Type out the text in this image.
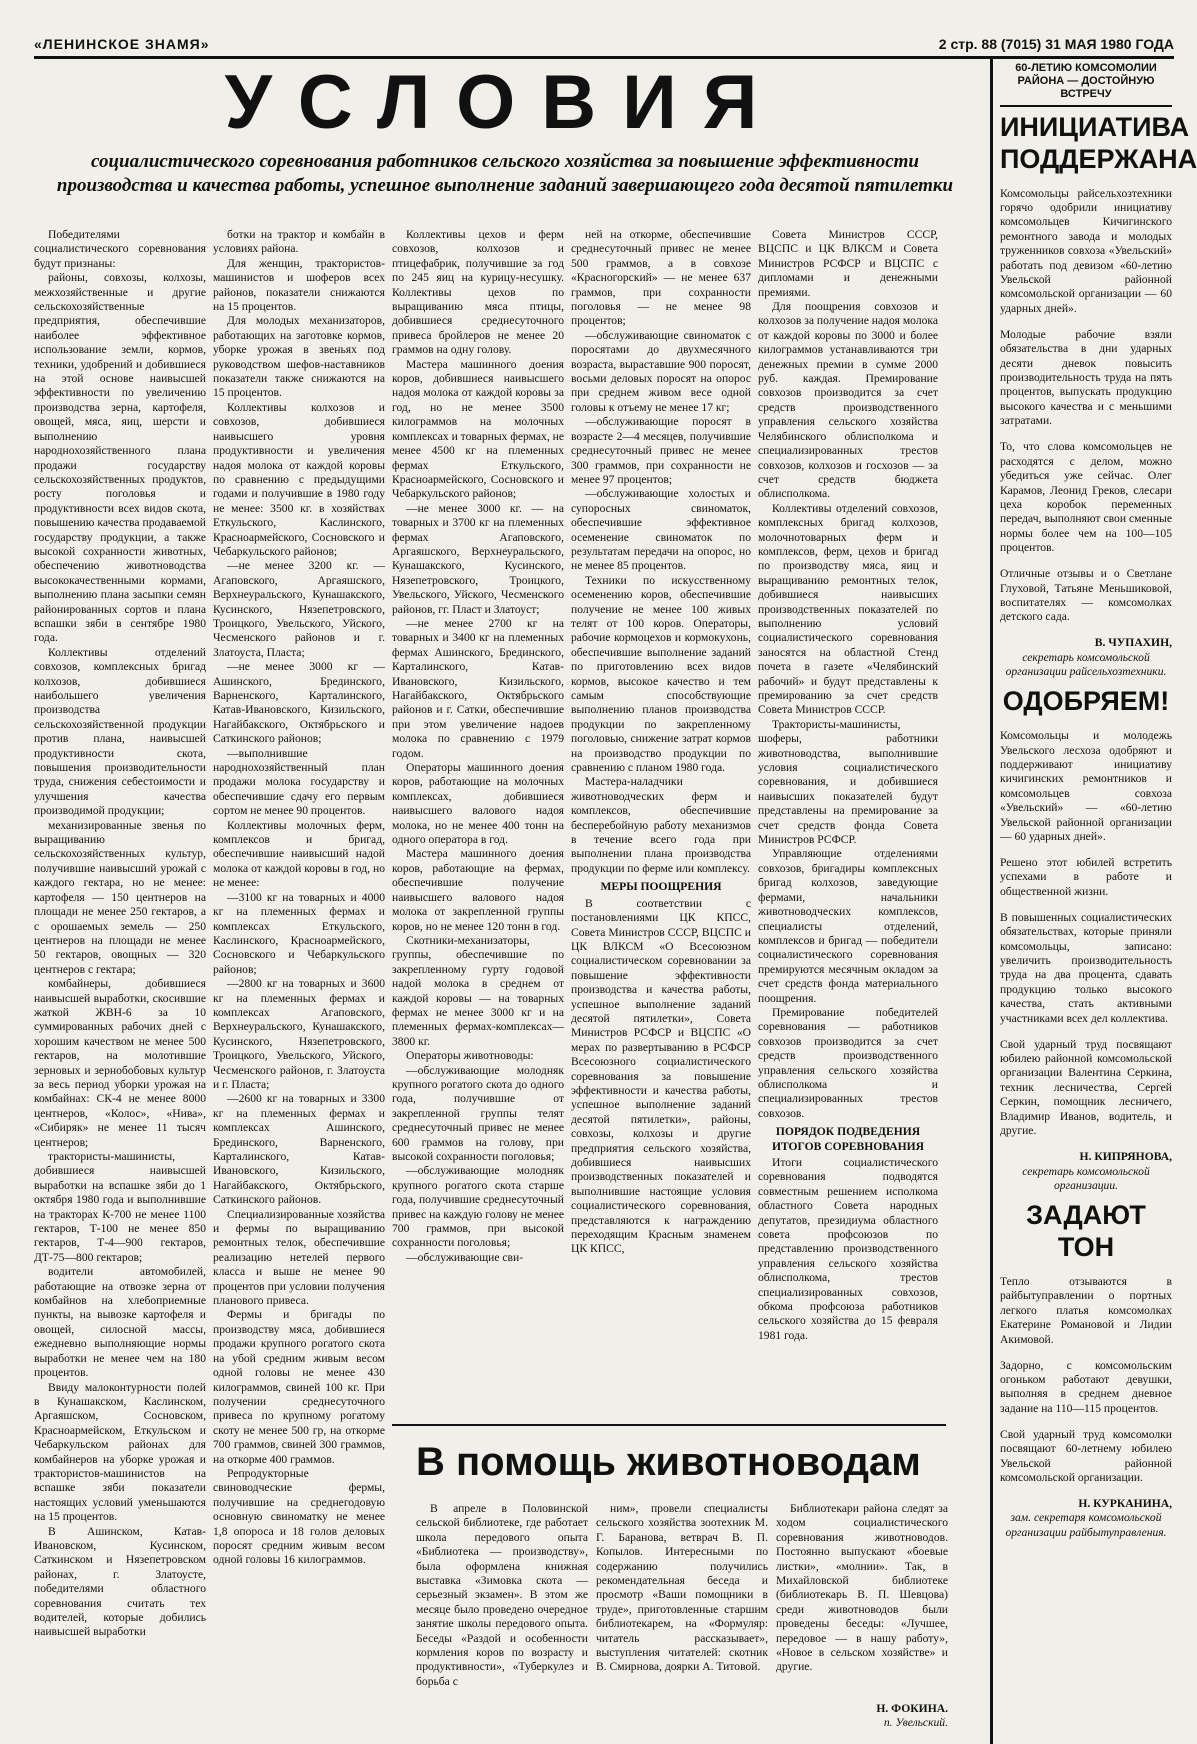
«ЛЕНИНСКОЕ ЗНАМЯ»	2 стр. 88 (7015) 31 МАЯ 1980 ГОДА
УСЛОВИЯ
социалистического соревнования работников сельского хозяйства за повышение эффективности производства и качества работы, успешное выполнение заданий завершающего года десятой пятилетки

Победителями социалистического соревнования будут признаны:

районы, совхозы, колхозы, межхозяйственные и другие сельскохозяйственные предприятия, обеспечившие наиболее эффективное использование земли, кормов, техники, удобрений и добившиеся на этой основе наивысшей эффективности по увеличению производства зерна, картофеля, овощей, мяса, яиц, шерсти и выполнению народнохозяйственного плана продажи государству сельскохозяйственных продуктов, росту поголовья и продуктивности всех видов скота, повышению качества продаваемой государству продукции, а также высокой сохранности животных, обеспечению животноводства высококачественными кормами, выполнению плана засыпки семян районированных сортов и плана вспашки зяби в сентябре 1980 года.

Коллективы отделений совхозов, комплексных бригад колхозов, добившиеся наибольшего увеличения производства сельскохозяйственной продукции против плана, наивысшей продуктивности скота, повышения производительности труда, снижения себестоимости и улучшения качества производимой продукции;

механизированные звенья по выращиванию сельскохозяйственных культур, получившие наивысший урожай с каждого гектара, но не менее: картофеля — 150 центнеров на площади не менее 250 гектаров, а с орошаемых земель — 250 центнеров на площади не менее 50 гектаров, овощных — 320 центнеров с гектара;

комбайнеры, добившиеся наивысшей выработки, скосившие жаткой ЖВН-6 за 10 суммированных рабочих дней с хорошим качеством не менее 500 гектаров, на молотившие зерновых и зернобобовых культур за весь период уборки урожая на комбайнах: СК-4 не менее 8000 центнеров, «Колос», «Нива», «Сибиряк» не менее 11 тысяч центнеров;

трактористы-машинисты, добившиеся наивысшей выработки на вспашке зяби до 1 октября 1980 года и выполнившие на тракторах К-700 не менее 1100 гектаров, Т-100 не менее 850 гектаров, Т-4—900 гектаров, ДТ-75—800 гектаров;

водители автомобилей, работающие на отвозке зерна от комбайнов на хлебоприемные пункты, на вывозке картофеля и овощей, силосной массы, ежедневно выполняющие нормы выработки не менее чем на 180 процентов.

Ввиду малоконтурности полей в Кунашакском, Каслинском, Аргаяшском, Сосновском, Красноармейском, Еткульском и Чебаркульском районах для комбайнеров на уборке урожая и трактористов-машинистов на вспашке зяби показатели настоящих условий уменьшаются на 15 процентов.

В Ашинском, Катав-Ивановском, Кусинском, Саткинском и Нязепетровском районах, г. Златоусте, победителями областного соревнования считать тех водителей, которые добились наивысшей выработки

ботки на трактор и комбайн в условиях района.

Для женщин, трактористов-машинистов и шоферов всех районов, показатели снижаются на 15 процентов.

Для молодых механизаторов, работающих на заготовке кормов, уборке урожая в звеньях под руководством шефов-наставников показатели также снижаются на 15 процентов.

Коллективы колхозов и совхозов, добившиеся наивысшего уровня продуктивности и увеличения надоя молока от каждой коровы по сравнению с предыдущими годами и получившие в 1980 году не менее: 3500 кг. в хозяйствах Еткульского, Каслинского, Красноармейского, Сосновского и Чебаркульского районов;

—не менее 3200 кг. — Агаповского, Аргаяшского, Верхнеуральского, Кунашакского, Кусинского, Нязепетровского, Троицкого, Увельского, Уйского, Чесменского районов и г. Златоуста, Пласта;

—не менее 3000 кг — Ашинского, Брединского, Варненского, Карталинского, Катав-Ивановского, Кизильского, Нагайбакского, Октябрьского и Саткинского районов;

—выполнившие народнохозяйственный план продажи молока государству и обеспечившие сдачу его первым сортом не менее 90 процентов.

Коллективы молочных ферм, комплексов и бригад, обеспечившие наивысший надой молока от каждой коровы в год, но не менее:

—3100 кг на товарных и 4000 кг на племенных фермах и комплексах Еткульского, Каслинского, Красноармейского, Сосновского и Чебаркульского районов;

—2800 кг на товарных и 3600 кг на племенных фермах и комплексах Агаповского, Верхнеуральского, Кунашакского, Кусинского, Нязепетровского, Троицкого, Увельского, Уйского, Чесменского районов, г. Златоуста и г. Пласта;

—2600 кг на товарных и 3300 кг на племенных фермах и комплексах Ашинского, Брединского, Варненского, Карталинского, Катав-Ивановского, Кизильского, Нагайбакского, Октябрьского, Саткинского районов.

Специализированные хозяйства и фермы по выращиванию ремонтных телок, обеспечившие реализацию нетелей первого класса и выше не менее 90 процентов при условии получения планового привеса.

Фермы и бригады по производству мяса, добившиеся продажи крупного рогатого скота на убой средним живым весом одной головы не менее 430 килограммов, свиней 100 кг. При получении среднесуточного привеса по крупному рогатому скоту не менее 500 гр, на откорме 700 граммов, свиней 300 граммов, на откорме 400 граммов.

Репродукторные свиноводческие фермы, получившие на среднегодовую основную свиноматку не менее 1,8 опороса и 18 голов деловых поросят средним живым весом одной головы 16 килограммов.

Коллективы цехов и ферм совхозов, колхозов и птицефабрик, получившие за год по 245 яиц на курицу-несушку. Коллективы цехов по выращиванию мяса птицы, добившиеся среднесуточного привеса бройлеров не менее 20 граммов на одну голову.

Мастера машинного доения коров, добившиеся наивысшего надоя молока от каждой коровы за год, но не менее 3500 килограммов на молочных комплексах и товарных фермах, не менее 4500 кг на племенных фермах Еткульского, Красноармейского, Сосновского и Чебаркульского районов;

—не менее 3000 кг. — на товарных и 3700 кг на племенных фермах Агаповского, Аргаяшского, Верхнеуральского, Кунашакского, Кусинского, Нязепетровского, Троицкого, Увельского, Уйского, Чесменского районов, гг. Пласт и Златоуст;

—не менее 2700 кг на товарных и 3400 кг на племенных фермах Ашинского, Брединского, Карталинского, Катав-Ивановского, Кизильского, Нагайбакского, Октябрьского районов и г. Сатки, обеспечившие при этом увеличение надоев молока по сравнению с 1979 годом.

Операторы машинного доения коров, работающие на молочных комплексах, добившиеся наивысшего валового надоя молока, но не менее 400 тонн на одного оператора в год.

Мастера машинного доения коров, работающие на фермах, обеспечившие получение наивысшего валового надоя молока от закрепленной группы коров, но не менее 120 тонн в год.

Скотники-механизаторы, группы, обеспечившие по закрепленному гурту годовой надой молока в среднем от каждой коровы — на товарных фермах не менее 3000 кг и на племенных фермах-комплексах—3800 кг.

Операторы животноводы:

—обслуживающие молодняк крупного рогатого скота до одного года, получившие от закрепленной группы телят среднесуточный привес не менее 600 граммов на голову, при высокой сохранности поголовья;

—обслуживающие молодняк крупного рогатого скота старше года, получившие среднесуточный привес на каждую голову не менее 700 граммов, при высокой сохранности поголовья;

—обслуживающие сви-

ней на откорме, обеспечившие среднесуточный привес не менее 500 граммов, а в совхозе «Красногорский» — не менее 637 граммов, при сохранности поголовья — не менее 98 процентов;

—обслуживающие свиноматок с поросятами до двухмесячного возраста, выраставшие 900 поросят, восьми деловых поросят на опорос при среднем живом весе одной головы к отъему не менее 17 кг;

—обслуживающие поросят в возрасте 2—4 месяцев, получившие среднесуточный привес не менее 300 граммов, при сохранности не менее 97 процентов;

—обслуживающие холостых и супоросных свиноматок, обеспечившие эффективное осеменение свиноматок по результатам передачи на опорос, но не менее 85 процентов.

Техники по искусственному осеменению коров, обеспечившие получение не менее 100 живых телят от 100 коров. Операторы, рабочие кормоцехов и кормокухонь, обеспечившие выполнение заданий по приготовлению всех видов кормов, высокое качество и тем самым способствующие выполнению планов производства продукции по закрепленному поголовью, снижение затрат кормов на производство продукции по сравнению с планом 1980 года.

Мастера-наладчики животноводческих ферм и комплексов, обеспечившие бесперебойную работу механизмов в течение всего года при выполнении плана производства продукции по ферме или комплексу.

МЕРЫ ПООЩРЕНИЯ

В соответствии с постановлениями ЦК КПСС, Совета Министров СССР, ВЦСПС и ЦК ВЛКСМ «О Всесоюзном социалистическом соревновании за повышение эффективности производства и качества работы, успешное выполнение заданий десятой пятилетки», Совета Министров РСФСР и ВЦСПС «О мерах по развертыванию в РСФСР Всесоюзного социалистического соревнования за повышение эффективности и качества работы, успешное выполнение заданий десятой пятилетки», районы, совхозы, колхозы и другие предприятия сельского хозяйства, добившиеся наивысших производственных показателей и выполнившие настоящие условия социалистического соревнования, представляются к награждению переходящим Красным знаменем ЦК КПСС,

Совета Министров СССР, ВЦСПС и ЦК ВЛКСМ и Совета Министров РСФСР и ВЦСПС с дипломами и денежными премиями.

Для поощрения совхозов и колхозов за получение надоя молока от каждой коровы по 3000 и более килограммов устанавливаются три денежных премии в сумме 2000 руб. каждая. Премирование совхозов производится за счет средств производственного управления сельского хозяйства Челябинского облисполкома и специализированных трестов совхозов, колхозов и госхозов — за счет средств бюджета облисполкома.

Коллективы отделений совхозов, комплексных бригад колхозов, молочнотоварных ферм и комплексов, ферм, цехов и бригад по производству мяса, яиц и выращиванию ремонтных телок, добившиеся наивысших производственных показателей по выполнению условий социалистического соревнования заносятся на областной Стенд почета в газете «Челябинский рабочий» и будут представлены к премированию за счет средств Совета Министров СССР.

Трактористы-машинисты, шоферы, работники животноводства, выполнившие условия социалистического соревнования, и добившиеся наивысших показателей будут представлены на премирование за счет средств фонда Совета Министров РСФСР.

Управляющие отделениями совхозов, бригадиры комплексных бригад колхозов, заведующие фермами, начальники животноводческих комплексов, специалисты отделений, комплексов и бригад — победители социалистического соревнования премируются месячным окладом за счет средств фонда материального поощрения.

Премирование победителей соревнования — работников совхозов производится за счет средств производственного управления сельского хозяйства облисполкома и специализированных трестов совхозов.

ПОРЯДОК ПОДВЕДЕНИЯ ИТОГОВ СОРЕВНОВАНИЯ

Итоги социалистического соревнования подводятся совместным решением исполкома областного Совета народных депутатов, президиума областного совета профсоюзов по представлению производственного управления сельского хозяйства облисполкома, трестов специализированных совхозов, обкома профсоюза работников сельского хозяйства до 15 февраля 1981 года.

В помощь животноводам

В апреле в Половинской сельской библиотеке, где работает школа передового опыта «Библиотека — производству», была оформлена книжная выставка «Зимовка скота — серьезный экзамен». В этом же месяце было проведено очередное занятие школы передового опыта. Беседы «Раздой и особенности кормления коров по возрасту и продуктивности», «Туберкулез и борьба с

ним», провели специалисты сельского хозяйства зоотехник М. Г. Баранова, ветврач В. П. Копылов. Интересными по содержанию получились рекомендательная беседа и просмотр «Ваши помощники в труде», приготовленные старшим библиотекарем, на «Формуляр: читатель рассказывает», выступления читателей: скотник В. Смирнова, доярки А. Титовой.

Библиотекари района следят за ходом социалистического соревнования животноводов. Постоянно выпускают «боевые листки», «молнии». Так, в Михайловской библиотеке (библиотекарь В. П. Шевцова) среди животноводов были проведены беседы: «Лучшее, передовое — в нашу работу», «Новое в сельском хозяйстве» и другие.

Н. ФОКИНА.
п. Увельский.
60-ЛЕТИЮ КОМСОМОЛИИ РАЙОНА — ДОСТОЙНУЮ ВСТРЕЧУ
ИНИЦИАТИВА ПОДДЕРЖАНА

Комсомольцы райсельхозтехники горячо одобрили инициативу комсомольцев Кичигинского ремонтного завода и молодых труженников совхоза «Увельский» работать под девизом «60-летию Увельской районной комсомольской организации — 60 ударных дней».

Молодые рабочие взяли обязательства в дни ударных десяти дневок повысить производительность труда на пять процентов, выпускать продукцию высокого качества и с меньшими затратами.

То, что слова комсомольцев не расходятся с делом, можно убедиться уже сейчас. Олег Карамов, Леонид Греков, слесари цеха коробок переменных передач, выполняют свои сменные нормы более чем на 100—105 процентов.

Отличные отзывы и о Светлане Глуховой, Татьяне Меньшиковой, воспитателях — комсомолках детского сада.

В. ЧУПАХИН,
секретарь комсомольской организации райсельхозтехники.
ОДОБРЯЕМ!

Комсомольцы и молодежь Увельского лесхоза одобряют и поддерживают инициативу кичигинских ремонтников и комсомольцев совхоза «Увельский» — «60-летию Увельской районной организации — 60 ударных дней».

Решено этот юбилей встретить успехами в работе и общественной жизни.

В повышенных социалистических обязательствах, которые приняли комсомольцы, записано: увеличить производительность труда на два процента, сдавать продукцию только высокого качества, стать активными участниками всех дел коллектива.

Свой ударный труд посвящают юбилею районной комсомольской организации Валентина Серкина, техник лесничества, Сергей Серкин, помощник лесничего, Владимир Иванов, водитель, и другие.

Н. КИПРЯНОВА,
секретарь комсомольской организации.
ЗАДАЮТ ТОН

Тепло отзываются в райбытуправлении о портных легкого платья комсомолках Екатерине Романовой и Лидии Акимовой.

Задорно, с комсомольским огоньком работают девушки, выполняя в среднем дневное задание на 110—115 процентов.

Свой ударный труд комсомолки посвящают 60-летнему юбилею Увельской районной комсомольской организации.

Н. КУРКАНИНА,
зам. секретаря комсомольской организации райбытуправления.
